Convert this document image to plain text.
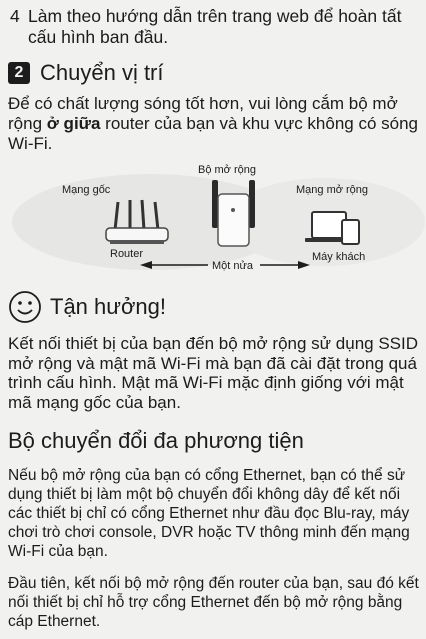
4 Làm theo hướng dẫn trên trang web để hoàn tất cấu hình ban đầu.
2 Chuyển vị trí
Để có chất lượng sóng tốt hơn, vui lòng cắm bộ mở rộng ở giữa router của bạn và khu vực không có sóng Wi-Fi.
Mạng gốc
Router
Bộ mở rộng
Mạng mở rộng
Máy khách
Một nửa
Tận hưởng!
Kết nối thiết bị của bạn đến bộ mở rộng sử dụng SSID mở rộng và mật mã Wi-Fi mà bạn đã cài đặt trong quá trình cấu hình. Mật mã Wi-Fi mặc định giống với mật mã mạng gốc của bạn.
Bộ chuyển đổi đa phương tiện
Nếu bộ mở rộng của bạn có cổng Ethernet, bạn có thể sử dụng thiết bị làm một bộ chuyển đổi không dây để kết nối các thiết bị chỉ có cổng Ethernet như đầu đọc Blu-ray, máy chơi trò chơi console, DVR hoặc TV thông minh đến mạng Wi-Fi của bạn.
Đầu tiên, kết nối bộ mở rộng đến router của bạn, sau đó kết nối thiết bị chỉ hỗ trợ cổng Ethernet đến bộ mở rộng bằng cáp Ethernet.
